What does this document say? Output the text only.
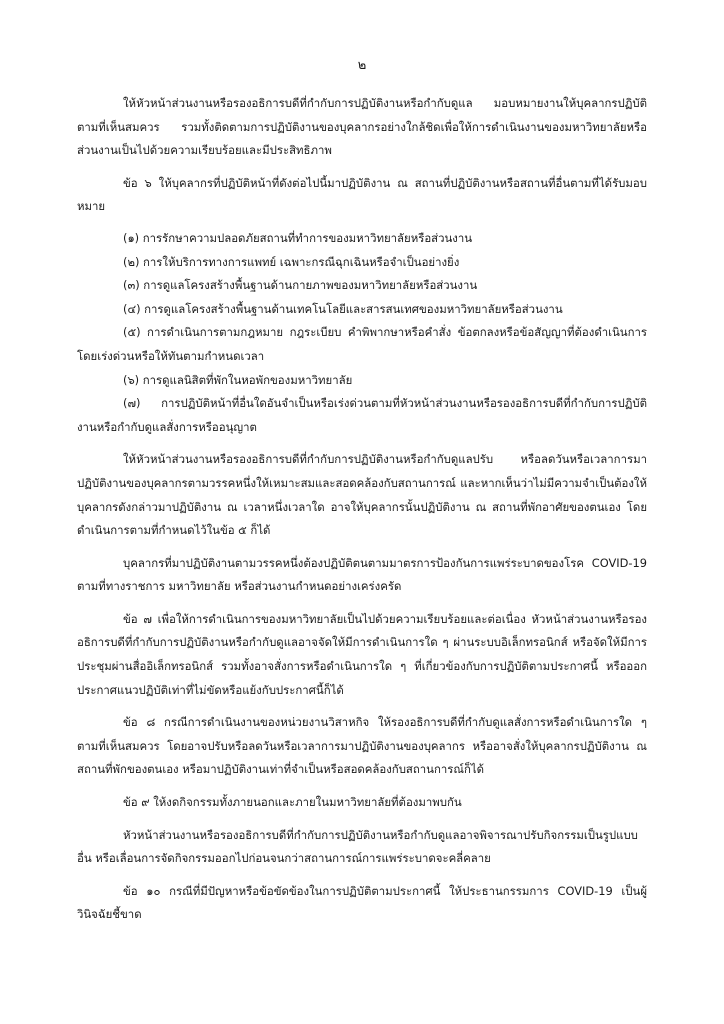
๒

ให้หัวหน้าส่วนงานหรือรองอธิการบดีที่กำกับการปฏิบัติงานหรือกำกับดูแล มอบหมายงานให้บุคลากรปฏิบัติตามที่เห็นสมควร รวมทั้งติดตามการปฏิบัติงานของบุคลากรอย่างใกล้ชิดเพื่อให้การดำเนินงานของมหาวิทยาลัยหรือส่วนงานเป็นไปด้วยความเรียบร้อยและมีประสิทธิภาพ

ข้อ ๖ ให้บุคลากรที่ปฏิบัติหน้าที่ดังต่อไปนี้มาปฏิบัติงาน ณ สถานที่ปฏิบัติงานหรือสถานที่อื่นตามที่ได้รับมอบหมาย

(๑) การรักษาความปลอดภัยสถานที่ทำการของมหาวิทยาลัยหรือส่วนงาน

(๒) การให้บริการทางการแพทย์ เฉพาะกรณีฉุกเฉินหรือจำเป็นอย่างยิ่ง

(๓) การดูแลโครงสร้างพื้นฐานด้านกายภาพของมหาวิทยาลัยหรือส่วนงาน

(๔) การดูแลโครงสร้างพื้นฐานด้านเทคโนโลยีและสารสนเทศของมหาวิทยาลัยหรือส่วนงาน

(๕) การดำเนินการตามกฎหมาย กฎระเบียบ คำพิพากษาหรือคำสั่ง ข้อตกลงหรือข้อสัญญาที่ต้องดำเนินการโดยเร่งด่วนหรือให้ทันตามกำหนดเวลา

(๖) การดูแลนิสิตที่พักในหอพักของมหาวิทยาลัย

(๗) การปฏิบัติหน้าที่อื่นใดอันจำเป็นหรือเร่งด่วนตามที่หัวหน้าส่วนงานหรือรองอธิการบดีที่กำกับการปฏิบัติงานหรือกำกับดูแลสั่งการหรืออนุญาต

ให้หัวหน้าส่วนงานหรือรองอธิการบดีที่กำกับการปฏิบัติงานหรือกำกับดูแลปรับ หรือลดวันหรือเวลาการมาปฏิบัติงานของบุคลากรตามวรรคหนึ่งให้เหมาะสมและสอดคล้องกับสถานการณ์ และหากเห็นว่าไม่มีความจำเป็นต้องให้บุคลากรดังกล่าวมาปฏิบัติงาน ณ เวลาหนึ่งเวลาใด อาจให้บุคลากรนั้นปฏิบัติงาน ณ สถานที่พักอาศัยของตนเอง โดยดำเนินการตามที่กำหนดไว้ในข้อ ๕ ก็ได้

บุคลากรที่มาปฏิบัติงานตามวรรคหนึ่งต้องปฏิบัติตนตามมาตรการป้องกันการแพร่ระบาดของโรค COVID-19 ตามที่ทางราชการ มหาวิทยาลัย หรือส่วนงานกำหนดอย่างเคร่งครัด

ข้อ ๗ เพื่อให้การดำเนินการของมหาวิทยาลัยเป็นไปด้วยความเรียบร้อยและต่อเนื่อง หัวหน้าส่วนงานหรือรองอธิการบดีที่กำกับการปฏิบัติงานหรือกำกับดูแลอาจจัดให้มีการดำเนินการใด ๆ ผ่านระบบอิเล็กทรอนิกส์ หรือจัดให้มีการประชุมผ่านสื่ออิเล็กทรอนิกส์ รวมทั้งอาจสั่งการหรือดำเนินการใด ๆ ที่เกี่ยวข้องกับการปฏิบัติตามประกาศนี้ หรือออกประกาศแนวปฏิบัติเท่าที่ไม่ขัดหรือแย้งกับประกาศนี้ก็ได้

ข้อ ๘ กรณีการดำเนินงานของหน่วยงานวิสาหกิจ ให้รองอธิการบดีที่กำกับดูแลสั่งการหรือดำเนินการใด ๆ ตามที่เห็นสมควร โดยอาจปรับหรือลดวันหรือเวลาการมาปฏิบัติงานของบุคลากร หรืออาจสั่งให้บุคลากรปฏิบัติงาน ณ สถานที่พักของตนเอง หรือมาปฏิบัติงานเท่าที่จำเป็นหรือสอดคล้องกับสถานการณ์ก็ได้

ข้อ ๙ ให้งดกิจกรรมทั้งภายนอกและภายในมหาวิทยาลัยที่ต้องมาพบกัน

หัวหน้าส่วนงานหรือรองอธิการบดีที่กำกับการปฏิบัติงานหรือกำกับดูแลอาจพิจารณาปรับกิจกรรมเป็นรูปแบบอื่น หรือเลื่อนการจัดกิจกรรมออกไปก่อนจนกว่าสถานการณ์การแพร่ระบาดจะคลี่คลาย

ข้อ ๑๐ กรณีที่มีปัญหาหรือข้อขัดข้องในการปฏิบัติตามประกาศนี้ ให้ประธานกรรมการ COVID-19 เป็นผู้วินิจฉัยชี้ขาด
